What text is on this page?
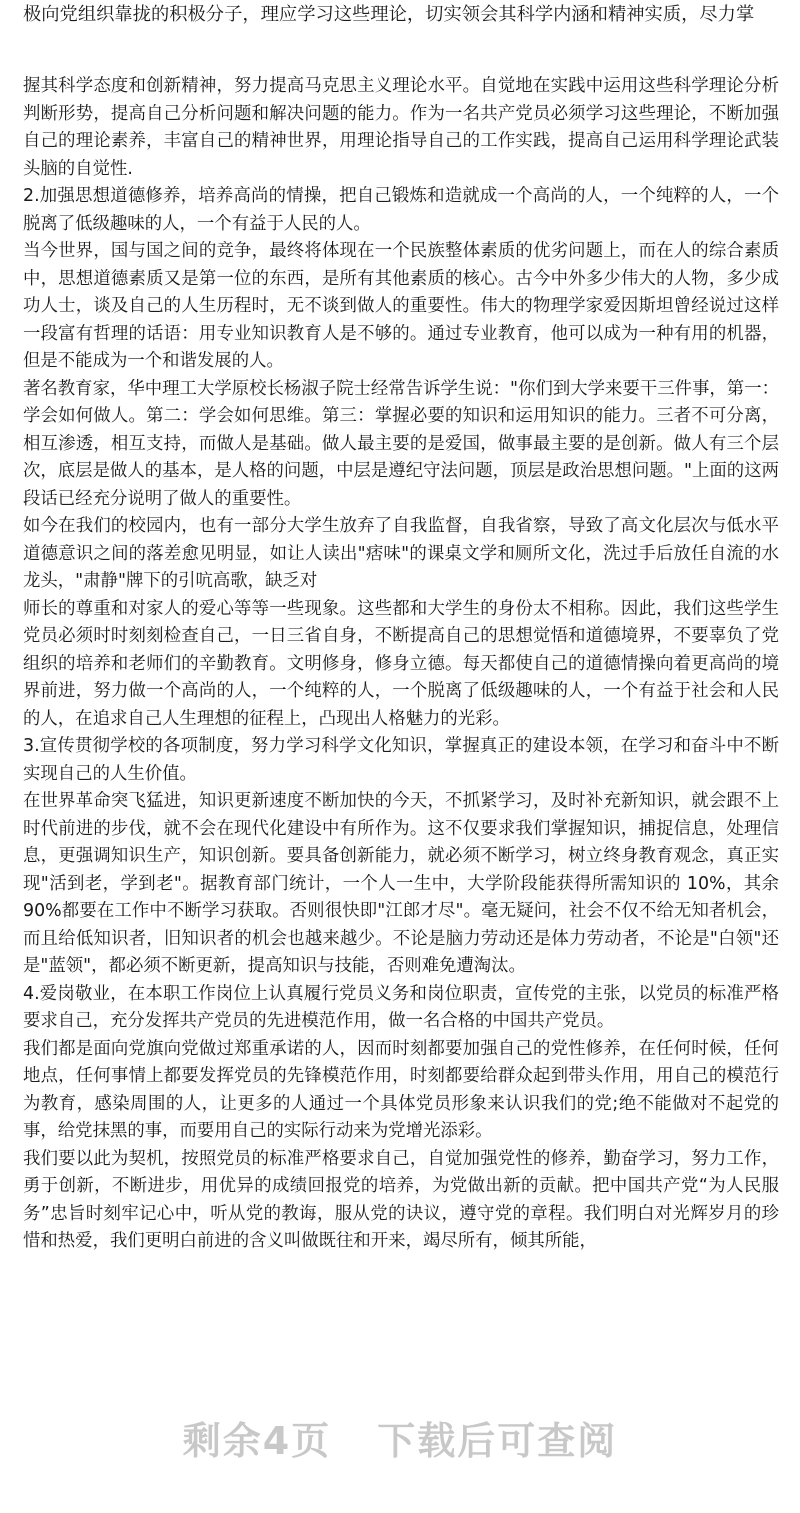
极向党组织靠拢的积极分子，理应学习这些理论，切实领会其科学内涵和精神实质，尽力掌

握其科学态度和创新精神，努力提高马克思主义理论水平。自觉地在实践中运用这些科学理论分析判断形势，提高自己分析问题和解决问题的能力。作为一名共产党员必须学习这些理论，不断加强自己的理论素养，丰富自己的精神世界，用理论指导自己的工作实践，提高自己运用科学理论武装头脑的自觉性.

2.加强思想道德修养，培养高尚的情操，把自己锻炼和造就成一个高尚的人，一个纯粹的人，一个脱离了低级趣味的人，一个有益于人民的人。

当今世界，国与国之间的竞争，最终将体现在一个民族整体素质的优劣问题上，而在人的综合素质中，思想道德素质又是第一位的东西，是所有其他素质的核心。古今中外多少伟大的人物，多少成功人士，谈及自己的人生历程时，无不谈到做人的重要性。伟大的物理学家爱因斯坦曾经说过这样一段富有哲理的话语：用专业知识教育人是不够的。通过专业教育，他可以成为一种有用的机器，但是不能成为一个和谐发展的人。

著名教育家，华中理工大学原校长杨淑子院士经常告诉学生说："你们到大学来要干三件事，第一：学会如何做人。第二：学会如何思维。第三：掌握必要的知识和运用知识的能力。三者不可分离，相互渗透，相互支持，而做人是基础。做人最主要的是爱国，做事最主要的是创新。做人有三个层次，底层是做人的基本，是人格的问题，中层是遵纪守法问题，顶层是政治思想问题。"上面的这两段话已经充分说明了做人的重要性。

如今在我们的校园内，也有一部分大学生放弃了自我监督，自我省察，导致了高文化层次与低水平道德意识之间的落差愈见明显，如让人读出"痞味"的课桌文学和厕所文化，洗过手后放任自流的水龙头，"肃静"牌下的引吭高歌，缺乏对

师长的尊重和对家人的爱心等等一些现象。这些都和大学生的身份太不相称。因此，我们这些学生党员必须时时刻刻检查自己，一日三省自身，不断提高自己的思想觉悟和道德境界，不要辜负了党组织的培养和老师们的辛勤教育。文明修身，修身立德。每天都使自己的道德情操向着更高尚的境界前进，努力做一个高尚的人，一个纯粹的人，一个脱离了低级趣味的人，一个有益于社会和人民的人，在追求自己人生理想的征程上，凸现出人格魅力的光彩。

3.宣传贯彻学校的各项制度，努力学习科学文化知识，掌握真正的建设本领，在学习和奋斗中不断实现自己的人生价值。

在世界革命突飞猛进，知识更新速度不断加快的今天，不抓紧学习，及时补充新知识，就会跟不上时代前进的步伐，就不会在现代化建设中有所作为。这不仅要求我们掌握知识，捕捉信息，处理信息，更强调知识生产，知识创新。要具备创新能力，就必须不断学习，树立终身教育观念，真正实现"活到老，学到老"。据教育部门统计，一个人一生中，大学阶段能获得所需知识的 10%，其余 90%都要在工作中不断学习获取。否则很快即"江郎才尽"。毫无疑问，社会不仅不给无知者机会，而且给低知识者，旧知识者的机会也越来越少。不论是脑力劳动还是体力劳动者，不论是"白领"还是"蓝领"，都必须不断更新，提高知识与技能，否则难免遭淘汰。

4.爱岗敬业，在本职工作岗位上认真履行党员义务和岗位职责，宣传党的主张，以党员的标准严格要求自己，充分发挥共产党员的先进模范作用，做一名合格的中国共产党员。

我们都是面向党旗向党做过郑重承诺的人，因而时刻都要加强自己的党性修养，在任何时候，任何地点，任何事情上都要发挥党员的先锋模范作用，时刻都要给群众起到带头作用，用自己的模范行为教育，感染周围的人，让更多的人通过一个具体党员形象来认识我们的党;绝不能做对不起党的事，给党抹黑的事，而要用自己的实际行动来为党增光添彩。

我们要以此为契机，按照党员的标准严格要求自己，自觉加强党性的修养，勤奋学习，努力工作，勇于创新，不断进步，用优异的成绩回报党的培养，为党做出新的贡献。把中国共产党“为人民服务”忠旨时刻牢记心中，听从党的教诲，服从党的诀议，遵守党的章程。我们明白对光辉岁月的珍惜和热爱，我们更明白前进的含义叫做既往和开来，竭尽所有，倾其所能，

剩余4页 下载后可查阅
